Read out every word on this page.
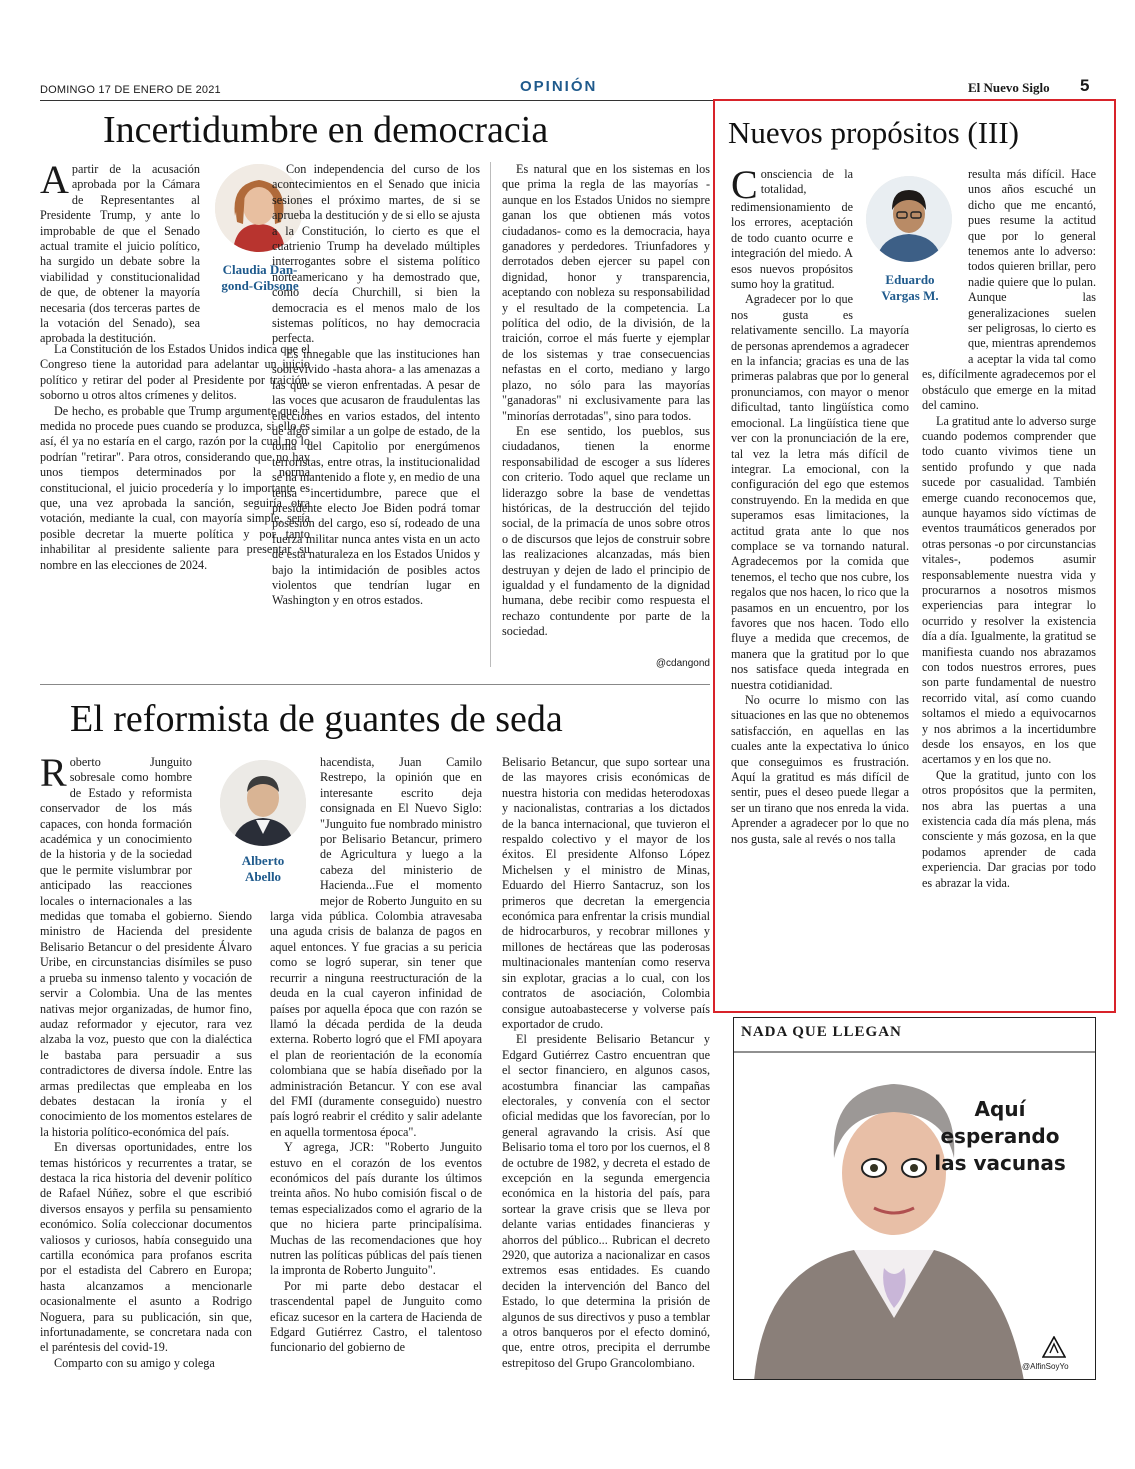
DOMINGO 17 DE ENERO DE 2021	OPINIÓN	El Nuevo Siglo 5
Incertidumbre en democracia

Apartir de la acusación aprobada por la Cámara de Representantes al Presidente Trump, y ante lo improbable de que el Senado actual tramite el juicio político, ha surgido un debate sobre la viabilidad y constitucionalidad de que, de obtener la mayoría necesaria (dos terceras partes de la votación del Senado), sea aprobada la destitución.

La Constitución de los Estados Unidos indica que el Congreso tiene la autoridad para adelantar un juicio político y retirar del poder al Presidente por traición, soborno u otros altos crímenes y delitos.

De hecho, es probable que Trump argumente que la medida no procede pues cuando se produzca, si ello es así, él ya no estaría en el cargo, razón por la cual no lo podrían "retirar". Para otros, considerando que no hay unos tiempos determinados por la norma constitucional, el juicio procedería y lo importante es que, una vez aprobada la sanción, seguiría otra votación, mediante la cual, con mayoría simple, sería posible decretar la muerte política y por tanto inhabilitar al presidente saliente para presentar su nombre en las elecciones de 2024.

Claudia Dan-
gond-Gibsone

Con independencia del curso de los acontecimientos en el Senado que inicia sesiones el próximo martes, de si se aprueba la destitución y de si ello se ajusta a la Constitución, lo cierto es que el cuatrienio Trump ha develado múltiples interrogantes sobre el sistema político norteamericano y ha demostrado que, como decía Churchill, si bien la democracia es el menos malo de los sistemas políticos, no hay democracia perfecta.

Es innegable que las instituciones han sobrevivido -hasta ahora- a las amenazas a las que se vieron enfrentadas. A pesar de las voces que acusaron de fraudulentas las elecciones en varios estados, del intento de algo similar a un golpe de estado, de la toma del Capitolio por energúmenos terroristas, entre otras, la institucionalidad se ha mantenido a flote y, en medio de una tensa incertidumbre, parece que el presidente electo Joe Biden podrá tomar posesión del cargo, eso sí, rodeado de una fuerza militar nunca antes vista en un acto de esta naturaleza en los Estados Unidos y bajo la intimidación de posibles actos violentos que tendrían lugar en Washington y en otros estados.

Es natural que en los sistemas en los que prima la regla de las mayorías -aunque en los Estados Unidos no siempre ganan los que obtienen más votos ciudadanos- como es la democracia, haya ganadores y perdedores. Triunfadores y derrotados deben ejercer su papel con dignidad, honor y transparencia, aceptando con nobleza su responsabilidad y el resultado de la competencia. La política del odio, de la división, de la traición, corroe el más fuerte y ejemplar de los sistemas y trae consecuencias nefastas en el corto, mediano y largo plazo, no sólo para las mayorías "ganadoras" ni exclusivamente para las "minorías derrotadas", sino para todos.

En ese sentido, los pueblos, sus ciudadanos, tienen la enorme responsabilidad de escoger a sus líderes con criterio. Todo aquel que reclame un liderazgo sobre la base de vendettas históricas, de la destrucción del tejido social, de la primacía de unos sobre otros o de discursos que lejos de construir sobre las realizaciones alcanzadas, más bien destruyan y dejen de lado el principio de igualdad y el fundamento de la dignidad humana, debe recibir como respuesta el rechazo contundente por parte de la sociedad.

@cdangond
El reformista de guantes de seda

Roberto Junguito sobresale como hombre de Estado y reformista conservador de los más capaces, con honda formación académica y un conocimiento de la historia y de la sociedad que le permite vislumbrar por anticipado las reacciones locales o internacionales a las medidas que tomaba el gobierno. Siendo ministro de Hacienda del presidente Belisario Betancur o del presidente Álvaro Uribe, en circunstancias disímiles se puso a prueba su inmenso talento y vocación de servir a Colombia. Una de las mentes nativas mejor organizadas, de humor fino, audaz reformador y ejecutor, rara vez alzaba la voz, puesto que con la dialéctica le bastaba para persuadir a sus contradictores de diversa índole. Entre las armas predilectas que empleaba en los debates destacan la ironía y el conocimiento de los momentos estelares de la historia político-económica del país.

En diversas oportunidades, entre los temas históricos y recurrentes a tratar, se destaca la rica historia del devenir político de Rafael Núñez, sobre el que escribió diversos ensayos y perfila su pensamiento económico. Solía coleccionar documentos valiosos y curiosos, había conseguido una cartilla económica para profanos escrita por el estadista del Cabrero en Europa; hasta alcanzamos a mencionarle ocasionalmente el asunto a Rodrigo Noguera, para su publicación, sin que, infortunadamente, se concretara nada con el paréntesis del covid-19.

Comparto con su amigo y colega

Alberto
Abello

hacendista, Juan Camilo Restrepo, la opinión que en interesante escrito deja consignada en El Nuevo Siglo: "Junguito fue nombrado ministro por Belisario Betancur, primero de Agricultura y luego a la cabeza del ministerio de Hacienda...Fue el momento mejor de Roberto Junguito en su larga vida pública. Colombia atravesaba una aguda crisis de balanza de pagos en aquel entonces. Y fue gracias a su pericia como se logró superar, sin tener que recurrir a ninguna reestructuración de la deuda en la cual cayeron infinidad de países por aquella época que con razón se llamó la década perdida de la deuda externa. Roberto logró que el FMI apoyara el plan de reorientación de la economía colombiana que se había diseñado por la administración Betancur. Y con ese aval del FMI (duramente conseguido) nuestro país logró reabrir el crédito y salir adelante en aquella tormentosa época".

Y agrega, JCR: "Roberto Junguito estuvo en el corazón de los eventos económicos del país durante los últimos treinta años. No hubo comisión fiscal o de temas especializados como el agrario de la que no hiciera parte principalísima. Muchas de las recomendaciones que hoy nutren las políticas públicas del país tienen la impronta de Roberto Junguito".

Por mi parte debo destacar el trascendental papel de Junguito como eficaz sucesor en la cartera de Hacienda de Edgard Gutiérrez Castro, el talentoso funcionario del gobierno de

Belisario Betancur, que supo sortear una de las mayores crisis económicas de nuestra historia con medidas heterodoxas y nacionalistas, contrarias a los dictados de la banca internacional, que tuvieron el respaldo colectivo y el mayor de los éxitos. El presidente Alfonso López Michelsen y el ministro de Minas, Eduardo del Hierro Santacruz, son los primeros que decretan la emergencia económica para enfrentar la crisis mundial de hidrocarburos, y recobrar millones y millones de hectáreas que las poderosas multinacionales mantenían como reserva sin explotar, gracias a lo cual, con los contratos de asociación, Colombia consigue autoabastecerse y volverse país exportador de crudo.

El presidente Belisario Betancur y Edgard Gutiérrez Castro encuentran que el sector financiero, en algunos casos, acostumbra financiar las campañas electorales, y convenía con el sector oficial medidas que los favorecían, por lo general agravando la crisis. Así que Belisario toma el toro por los cuernos, el 8 de octubre de 1982, y decreta el estado de excepción en la segunda emergencia económica en la historia del país, para sortear la grave crisis que se lleva por delante varias entidades financieras y ahorros del público... Rubrican el decreto 2920, que autoriza a nacionalizar en casos extremos esas entidades. Es cuando deciden la intervención del Banco del Estado, lo que determina la prisión de algunos de sus directivos y puso a temblar a otros banqueros por el efecto dominó, que, entre otros, precipita el derrumbe estrepitoso del Grupo Grancolombiano.

Nuevos propósitos (III)

Consciencia de la totalidad, redimensionamiento de los errores, aceptación de todo cuanto ocurre e integración del miedo. A esos nuevos propósitos sumo hoy la gratitud.

Agradecer por lo que nos gusta es relativamente sencillo. La mayoría de personas aprendemos a agradecer en la infancia; gracias es una de las primeras palabras que por lo general pronunciamos, con mayor o menor dificultad, tanto lingüística como emocional. La lingüística tiene que ver con la pronunciación de la ere, tal vez la letra más difícil de integrar. La emocional, con la configuración del ego que estemos construyendo. En la medida en que superamos esas limitaciones, la actitud grata ante lo que nos complace se va tornando natural. Agradecemos por la comida que tenemos, el techo que nos cubre, los regalos que nos hacen, lo rico que la pasamos en un encuentro, por los favores que nos hacen. Todo ello fluye a medida que crecemos, de manera que la gratitud por lo que nos satisface queda integrada en nuestra cotidianidad.

No ocurre lo mismo con las situaciones en las que no obtenemos satisfacción, en aquellas en las cuales ante la expectativa lo único que conseguimos es frustración. Aquí la gratitud es más difícil de sentir, pues el deseo puede llegar a ser un tirano que nos enreda la vida. Aprender a agradecer por lo que no nos gusta, sale al revés o nos talla

Eduardo
Vargas M.

resulta más difícil. Hace unos años escuché un dicho que me encantó, pues resume la actitud que por lo general tenemos ante lo adverso: todos quieren brillar, pero nadie quiere que lo pulan. Aunque las generalizaciones suelen ser peligrosas, lo cierto es que, mientras aprendemos a aceptar la vida tal como es, difícilmente agradecemos por el obstáculo que emerge en la mitad del camino.

La gratitud ante lo adverso surge cuando podemos comprender que todo cuanto vivimos tiene un sentido profundo y que nada sucede por casualidad. También emerge cuando reconocemos que, aunque hayamos sido víctimas de eventos traumáticos generados por otras personas -o por circunstancias vitales-, podemos asumir responsablemente nuestra vida y procurarnos a nosotros mismos experiencias para integrar lo ocurrido y resolver la existencia día a día. Igualmente, la gratitud se manifiesta cuando nos abrazamos con todos nuestros errores, pues son parte fundamental de nuestro recorrido vital, así como cuando soltamos el miedo a equivocarnos y nos abrimos a la incertidumbre desde los ensayos, en los que acertamos y en los que no.

Que la gratitud, junto con los otros propósitos que la permiten, nos abra las puertas a una existencia cada día más plena, más consciente y más gozosa, en la que podamos aprender de cada experiencia. Dar gracias por todo es abrazar la vida.

NADA QUE LLEGAN
Aquí
esperando
las vacunas
@AlfinSoyYo
